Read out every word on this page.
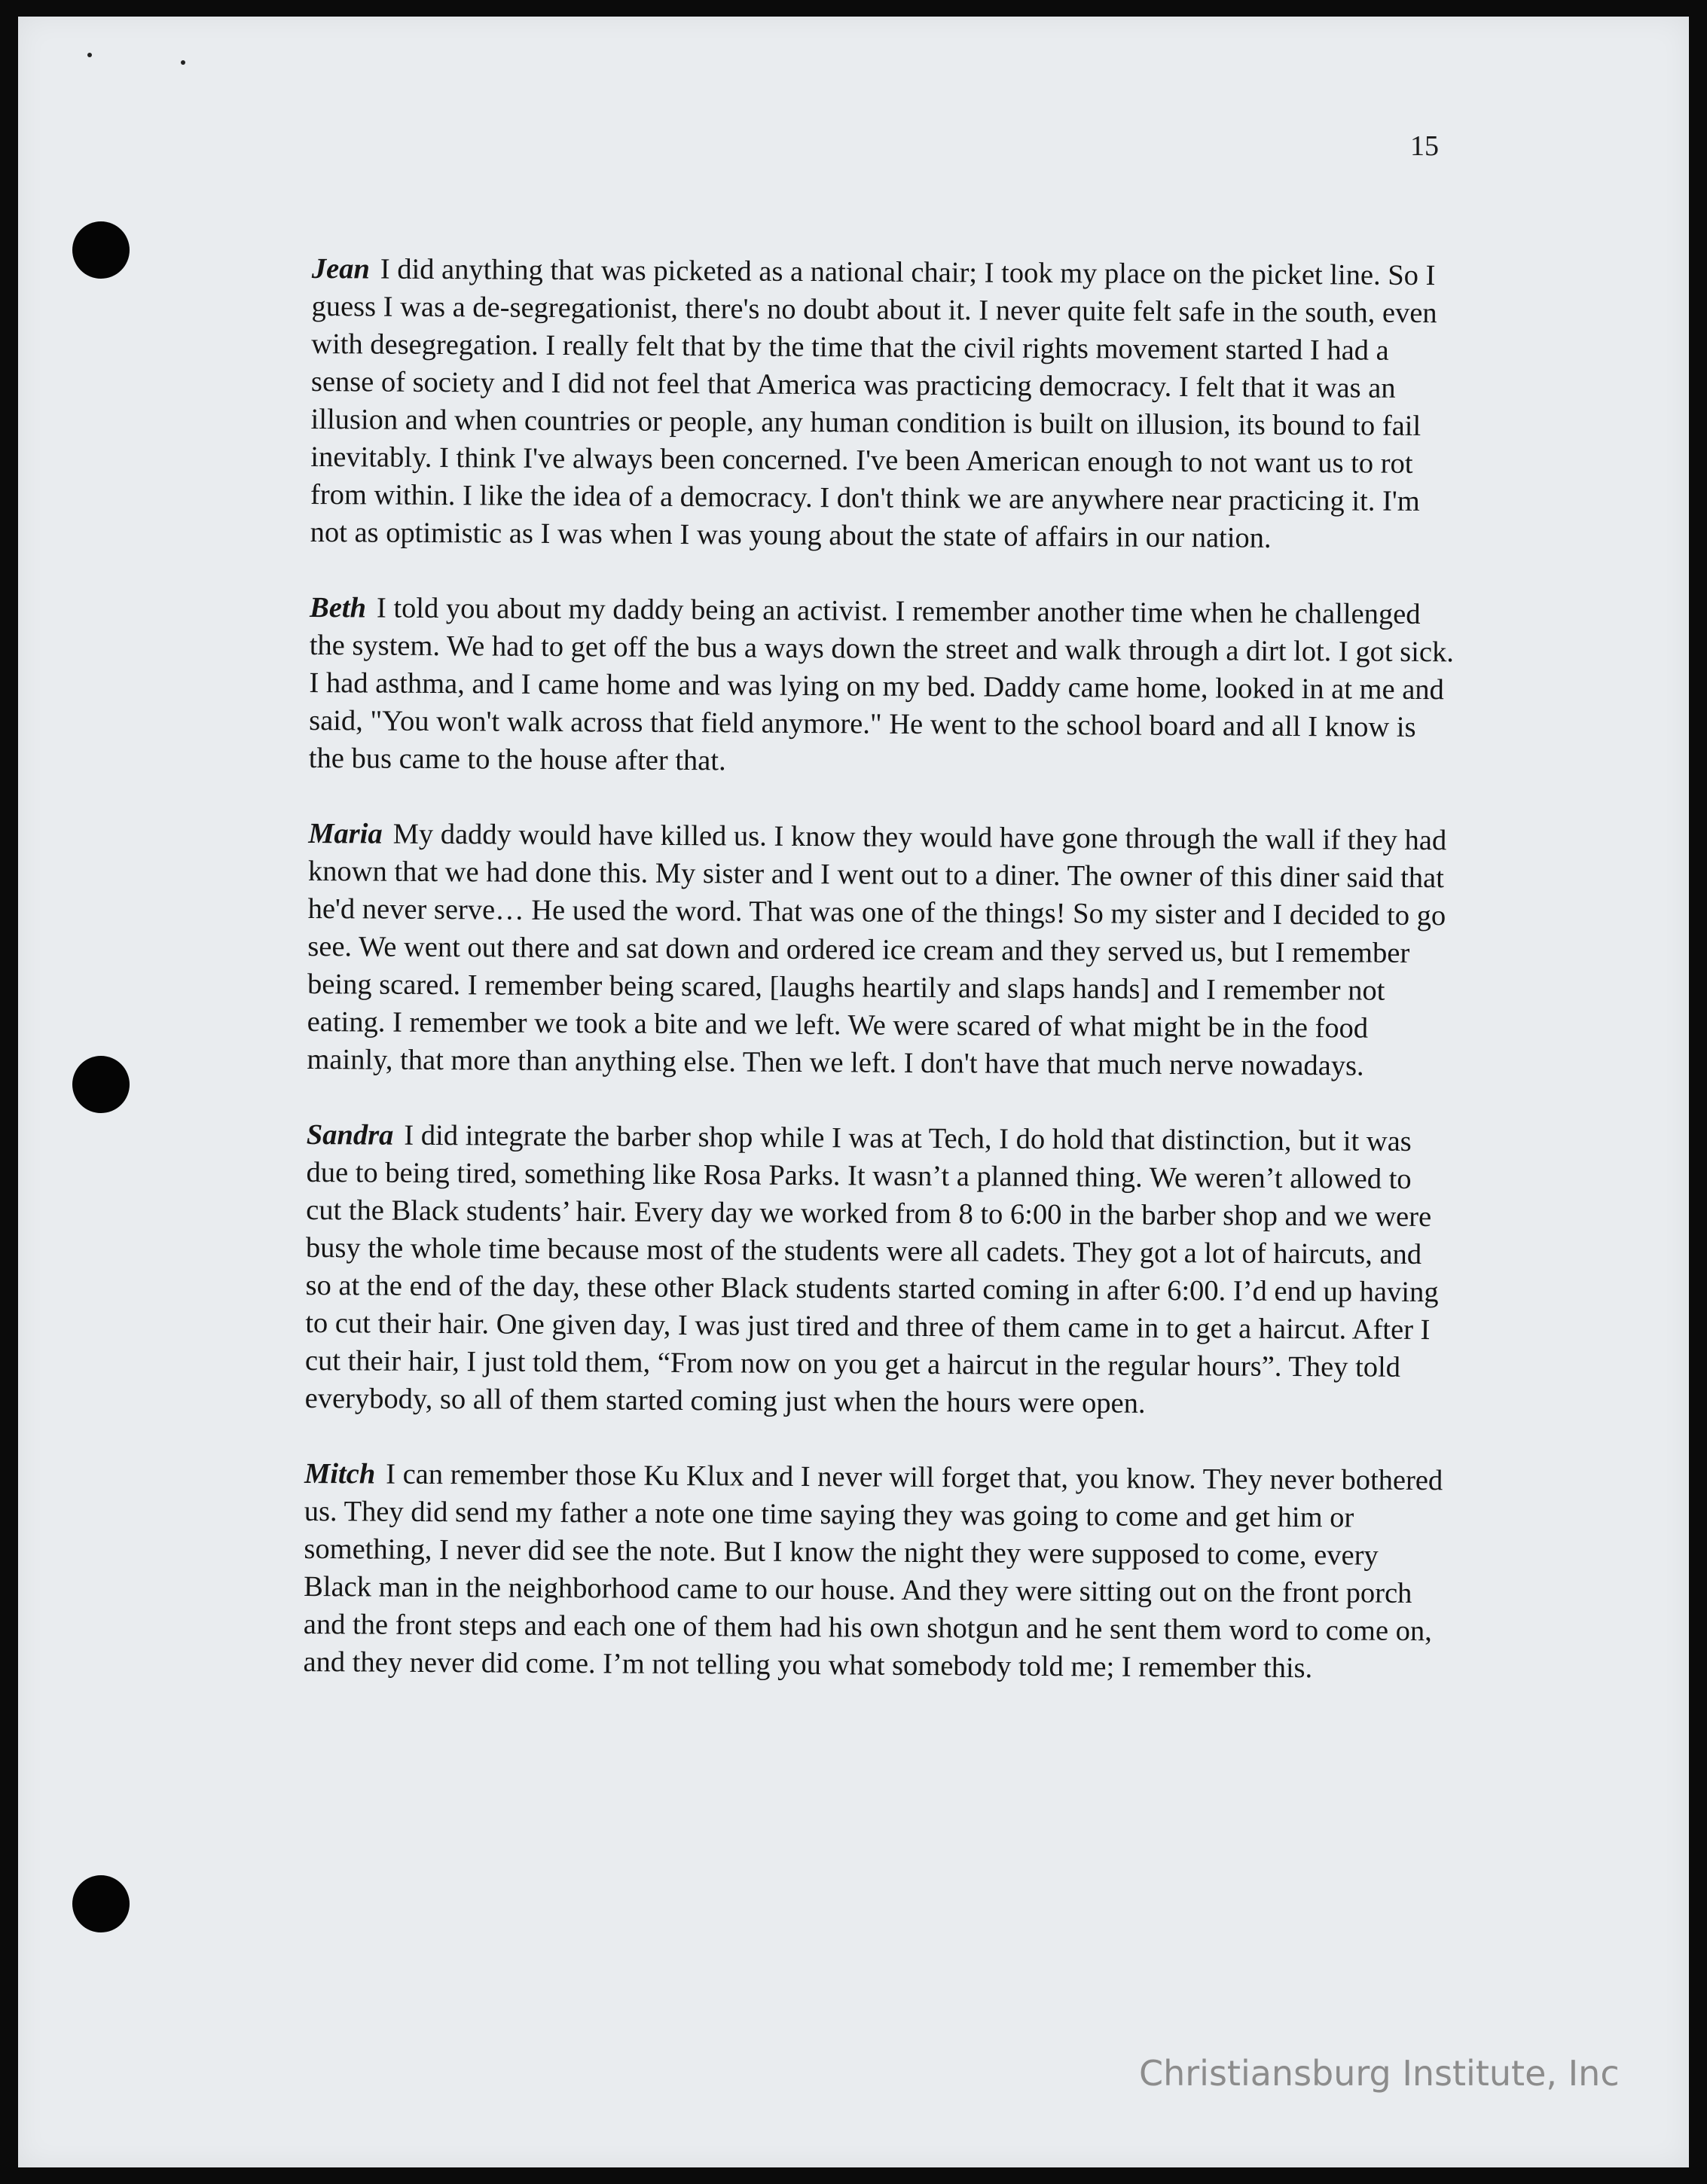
15

Jean I did anything that was picketed as a national chair; I took my place on the picket line. So I guess I was a de-segregationist, there's no doubt about it. I never quite felt safe in the south, even with desegregation. I really felt that by the time that the civil rights movement started I had a sense of society and I did not feel that America was practicing democracy. I felt that it was an illusion and when countries or people, any human condition is built on illusion, its bound to fail inevitably. I think I've always been concerned. I've been American enough to not want us to rot from within. I like the idea of a democracy. I don't think we are anywhere near practicing it. I'm not as optimistic as I was when I was young about the state of affairs in our nation.

Beth I told you about my daddy being an activist. I remember another time when he challenged the system. We had to get off the bus a ways down the street and walk through a dirt lot. I got sick. I had asthma, and I came home and was lying on my bed. Daddy came home, looked in at me and said, "You won't walk across that field anymore." He went to the school board and all I know is the bus came to the house after that.

Maria My daddy would have killed us. I know they would have gone through the wall if they had known that we had done this. My sister and I went out to a diner. The owner of this diner said that he'd never serve… He used the word. That was one of the things! So my sister and I decided to go see. We went out there and sat down and ordered ice cream and they served us, but I remember being scared. I remember being scared, [laughs heartily and slaps hands] and I remember not eating. I remember we took a bite and we left. We were scared of what might be in the food mainly, that more than anything else. Then we left. I don't have that much nerve nowadays.

Sandra I did integrate the barber shop while I was at Tech, I do hold that distinction, but it was due to being tired, something like Rosa Parks. It wasn’t a planned thing. We weren’t allowed to cut the Black students’ hair. Every day we worked from 8 to 6:00 in the barber shop and we were busy the whole time because most of the students were all cadets. They got a lot of haircuts, and so at the end of the day, these other Black students started coming in after 6:00. I’d end up having to cut their hair. One given day, I was just tired and three of them came in to get a haircut. After I cut their hair, I just told them, “From now on you get a haircut in the regular hours”. They told everybody, so all of them started coming just when the hours were open.

Mitch I can remember those Ku Klux and I never will forget that, you know. They never bothered us. They did send my father a note one time saying they was going to come and get him or something, I never did see the note. But I know the night they were supposed to come, every Black man in the neighborhood came to our house. And they were sitting out on the front porch and the front steps and each one of them had his own shotgun and he sent them word to come on, and they never did come. I’m not telling you what somebody told me; I remember this.

Christiansburg Institute, Inc
